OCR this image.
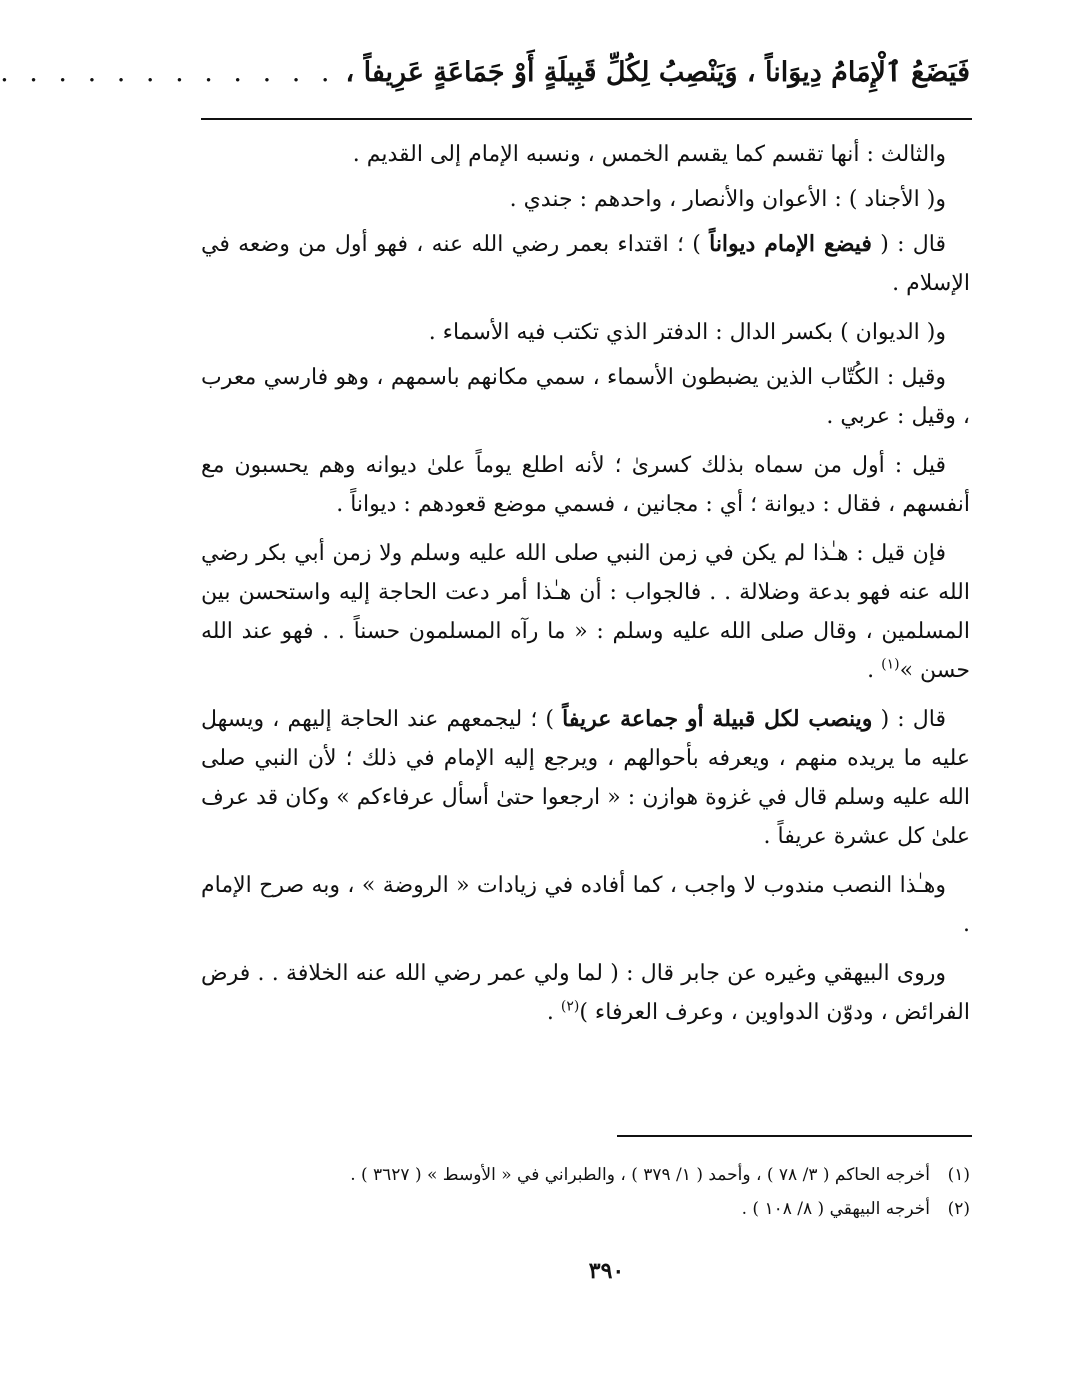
فَيَضَعُ ٱلْإِمَامُ دِيوَاناً ، وَيَنْصِبُ لِكُلِّ قَبِيلَةٍ أَوْ جَمَاعَةٍ عَرِيفاً ،
. . . . . . . . . . . .

والثالث : أنها تقسم كما يقسم الخمس ، ونسبه الإمام إلى القديم .

و( الأجناد ) : الأعوان والأنصار ، واحدهم : جندي .

قال : ( فيضع الإمام ديواناً ) ؛ اقتداء بعمر رضي الله عنه ، فهو أول من وضعه في الإسلام .

و( الديوان ) بكسر الدال : الدفتر الذي تكتب فيه الأسماء .

وقيل : الكُتّاب الذين يضبطون الأسماء ، سمي مكانهم باسمهم ، وهو فارسي معرب ، وقيل : عربي .

قيل : أول من سماه بذلك كسرىٰ ؛ لأنه اطلع يوماً علىٰ ديوانه وهم يحسبون مع أنفسهم ، فقال : ديوانة ؛ أي : مجانين ، فسمي موضع قعودهم : ديواناً .

فإن قيل : هـٰذا لم يكن في زمن النبي صلى الله عليه وسلم ولا زمن أبي بكر رضي الله عنه فهو بدعة وضلالة . . فالجواب : أن هـٰذا أمر دعت الحاجة إليه واستحسن بين المسلمين ، وقال صلى الله عليه وسلم : « ما رآه المسلمون حسناً . . فهو عند الله حسن »$^{(١)}$ .

قال : ( وينصب لكل قبيلة أو جماعة عريفاً ) ؛ ليجمعهم عند الحاجة إليهم ، ويسهل عليه ما يريده منهم ، ويعرفه بأحوالهم ، ويرجع إليه الإمام في ذلك ؛ لأن النبي صلى الله عليه وسلم قال في غزوة هوازن : « ارجعوا حتىٰ أسأل عرفاءكم » وكان قد عرف علىٰ كل عشرة عريفاً .

وهـٰذا النصب مندوب لا واجب ، كما أفاده في زيادات « الروضة » ، وبه صرح الإمام .

وروى البيهقي وغيره عن جابر قال : ( لما ولي عمر رضي الله عنه الخلافة . . فرض الفرائض ، ودوّن الدواوين ، وعرف العرفاء )$^{(٢)}$ .

(١)
أخرجه الحاكم ( ٣/ ٧٨ ) ، وأحمد ( ١/ ٣٧٩ ) ، والطبراني في « الأوسط » ( ٣٦٢٧ ) .
(٢)
أخرجه البيهقي ( ٨/ ١٠٨ ) .
٣٩٠
